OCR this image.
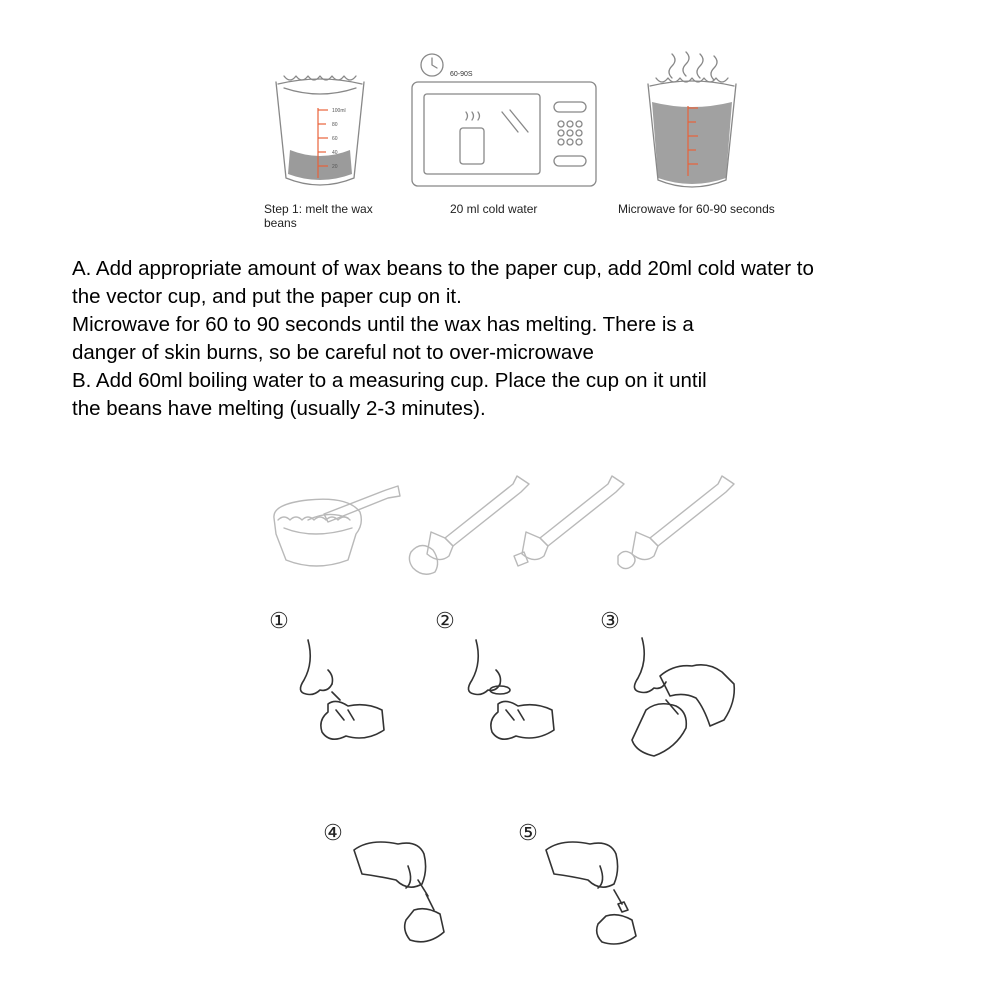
100ml
80
60
40
20
60-90S
Step 1: melt the wax beans
20 ml cold water	Microwave for 60-90 seconds

A. Add appropriate amount of wax beans to the paper cup, add 20ml cold water to

the vector cup, and put the paper cup on it.

Microwave for 60 to 90 seconds until the wax has melting. There is a

danger of skin burns, so be careful not to over-microwave

B. Add 60ml boiling water to a measuring cup. Place the cup on it until

the beans have melting (usually 2-3 minutes).

①	②	③
④	⑤
